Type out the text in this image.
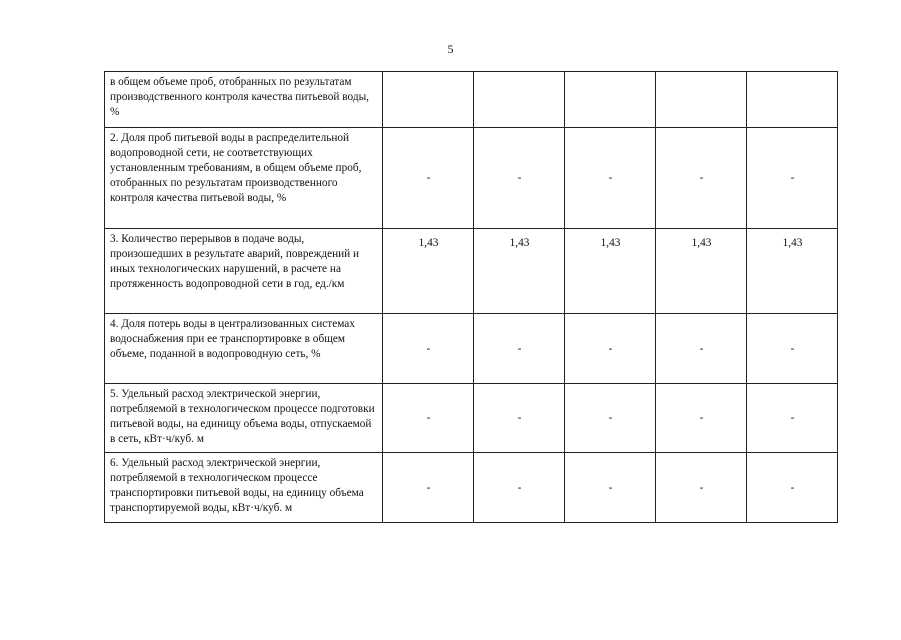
5
в общем объеме проб, отобранных по результатам производственного контроля качества питьевой воды, %					
2. Доля проб питьевой воды в распределительной водопроводной сети, не соответствующих установленным требованиям, в общем объеме проб, отобранных по результатам производственного контроля качества питьевой воды, %	-	-	-	-	-
3. Количество перерывов в подаче воды, произошедших в результате аварий, повреждений и иных технологических нарушений, в расчете на протяженность водопроводной сети в год, ед./км	1,43	1,43	1,43	1,43	1,43
4. Доля потерь воды в централизованных системах водоснабжения при ее транспортировке в общем объеме, поданной в водопроводную сеть, %	-	-	-	-	-
5. Удельный расход электрической энергии, потребляемой в технологическом процессе подготовки питьевой воды, на единицу объема воды, отпускаемой в сеть, кВт·ч/куб. м	-	-	-	-	-
6. Удельный расход электрической энергии, потребляемой в технологическом процессе транспортировки питьевой воды, на единицу объема транспортируемой воды, кВт·ч/куб. м	-	-	-	-	-
